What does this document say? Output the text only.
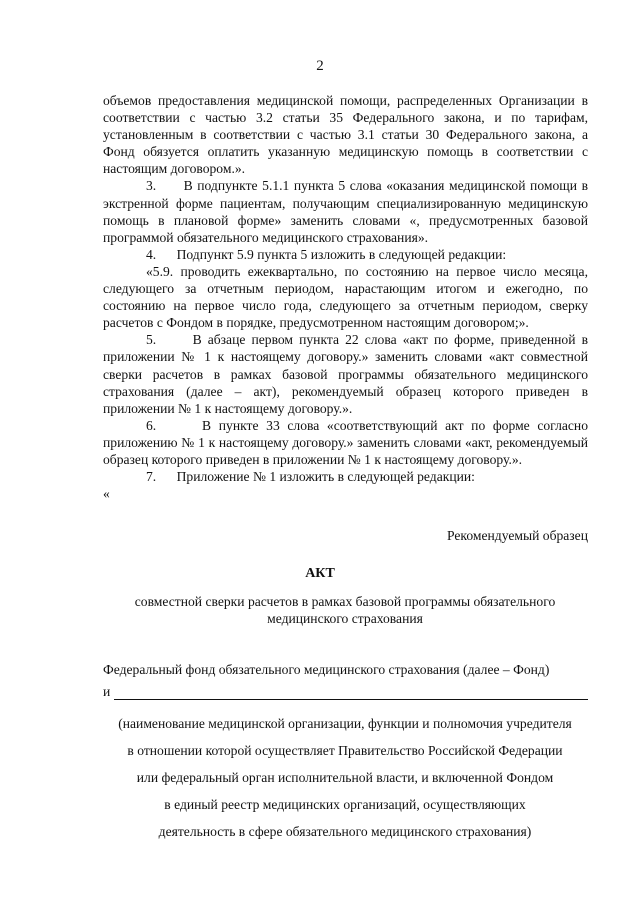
2

объемов предоставления медицинской помощи, распределенных Организации в соответствии с частью 3.2 статьи 35 Федерального закона, и по тарифам, установленным в соответствии с частью 3.1 статьи 30 Федерального закона, а Фонд обязуется оплатить указанную медицинскую помощь в соответствии с настоящим договором.».

3.      В подпункте 5.1.1 пункта 5 слова «оказания медицинской помощи в экстренной форме пациентам, получающим специализированную медицинскую помощь в плановой форме» заменить словами «, предусмотренных базовой программой обязательного медицинского страхования».

4.      Подпункт 5.9 пункта 5 изложить в следующей редакции:

«5.9. проводить ежеквартально, по состоянию на первое число месяца, следующего за отчетным периодом, нарастающим итогом и ежегодно, по состоянию на первое число года, следующего за отчетным периодом, сверку расчетов с Фондом в порядке, предусмотренном настоящим договором;».

5.      В абзаце первом пункта 22 слова «акт по форме, приведенной в приложении № 1 к настоящему договору.» заменить словами «акт совместной сверки расчетов в рамках базовой программы обязательного медицинского страхования (далее – акт), рекомендуемый образец которого приведен в приложении № 1 к настоящему договору.».

6.      В пункте 33 слова «соответствующий акт по форме согласно приложению № 1 к настоящему договору.» заменить словами «акт, рекомендуемый образец которого приведен в приложении № 1 к настоящему договору.».

7.      Приложение № 1 изложить в следующей редакции:

«

Рекомендуемый образец
АКТ
совместной сверки расчетов в рамках базовой программы обязательного
медицинского страхования
Федеральный фонд обязательного медицинского страхования (далее – Фонд)
и
(наименование медицинской организации, функции и полномочия учредителя
в отношении которой осуществляет Правительство Российской Федерации
или федеральный орган исполнительной власти, и включенной Фондом
в единый реестр медицинских организаций, осуществляющих
деятельность в сфере обязательного медицинского страхования)
